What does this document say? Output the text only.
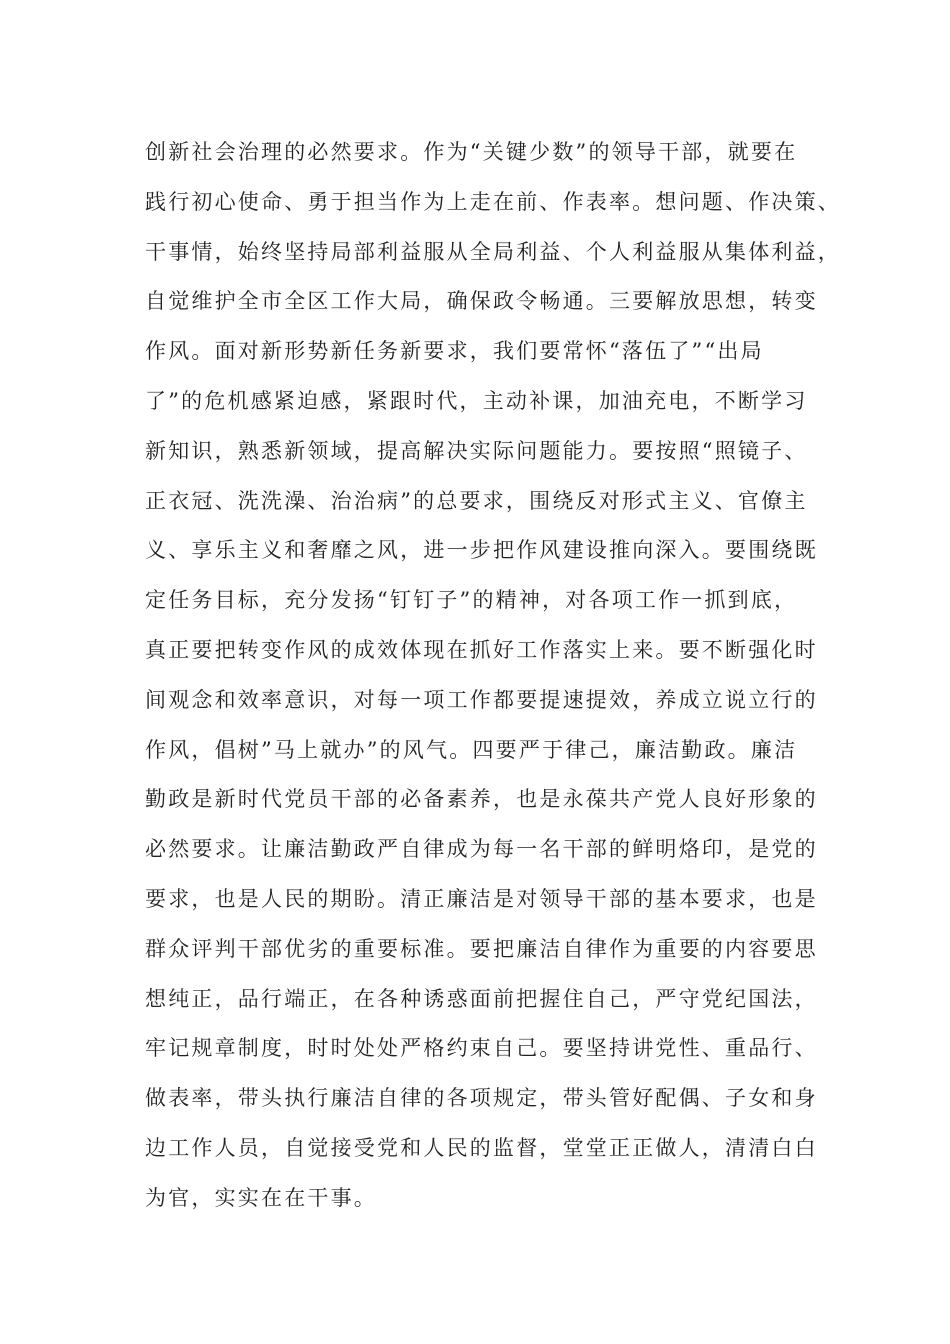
创新社会治理的必然要求。作为“关键少数”的领导干部，就要在
践行初心使命、勇于担当作为上走在前、作表率。想问题、作决策、
干事情，始终坚持局部利益服从全局利益、个人利益服从集体利益，
自觉维护全市全区工作大局，确保政令畅通。三要解放思想，转变
作风。面对新形势新任务新要求，我们要常怀“落伍了”“出局
了”的危机感紧迫感，紧跟时代，主动补课，加油充电，不断学习
新知识，熟悉新领域，提高解决实际问题能力。要按照“照镜子、
正衣冠、洗洗澡、治治病”的总要求，围绕反对形式主义、官僚主
义、享乐主义和奢靡之风，进一步把作风建设推向深入。要围绕既
定任务目标，充分发扬“钉钉子”的精神，对各项工作一抓到底，
真正要把转变作风的成效体现在抓好工作落实上来。要不断强化时
间观念和效率意识，对每一项工作都要提速提效，养成立说立行的
作风，倡树”马上就办”的风气。四要严于律己，廉洁勤政。廉洁
勤政是新时代党员干部的必备素养，也是永葆共产党人良好形象的
必然要求。让廉洁勤政严自律成为每一名干部的鲜明烙印，是党的
要求，也是人民的期盼。清正廉洁是对领导干部的基本要求，也是
群众评判干部优劣的重要标准。要把廉洁自律作为重要的内容要思
想纯正，品行端正，在各种诱惑面前把握住自己，严守党纪国法，
牢记规章制度，时时处处严格约束自己。要坚持讲党性、重品行、
做表率，带头执行廉洁自律的各项规定，带头管好配偶、子女和身
边工作人员，自觉接受党和人民的监督，堂堂正正做人，清清白白
为官，实实在在干事。
